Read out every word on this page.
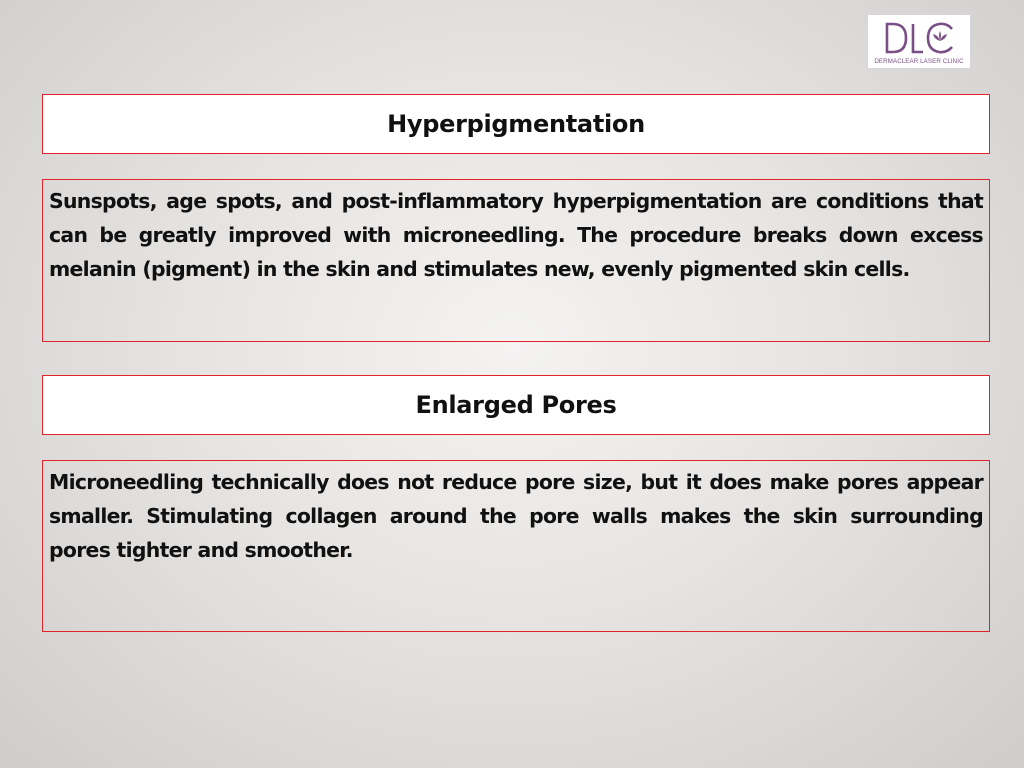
DERMACLEAR LASER CLINIC
Hyperpigmentation

Sunspots, age spots, and post-inflammatory hyperpigmentation are conditions that can be greatly improved with microneedling. The procedure breaks down excess melanin (pigment) in the skin and stimulates new, evenly pigmented skin cells.

Enlarged Pores

Microneedling technically does not reduce pore size, but it does make pores appear smaller. Stimulating collagen around the pore walls makes the skin surrounding pores tighter and smoother.
